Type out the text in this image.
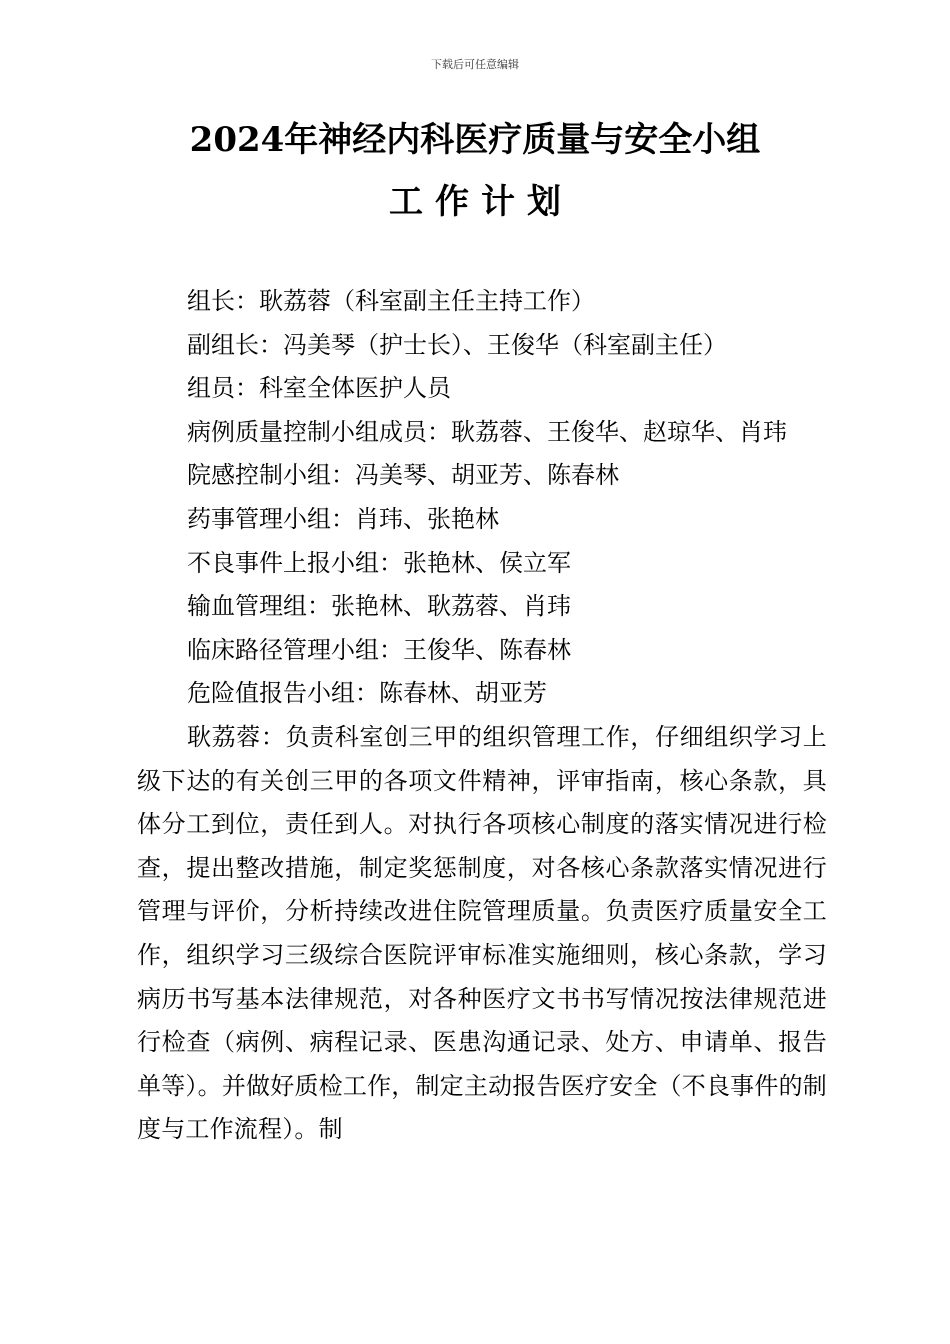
下载后可任意编辑
2024年神经内科医疗质量与安全小组
工作计划

组长：耿荔蓉（科室副主任主持工作）

副组长：冯美琴（护士长）、王俊华（科室副主任）

组员：科室全体医护人员

病例质量控制小组成员：耿荔蓉、王俊华、赵琼华、肖玮

院感控制小组：冯美琴、胡亚芳、陈春林

药事管理小组：肖玮、张艳林

不良事件上报小组：张艳林、侯立军

输血管理组：张艳林、耿荔蓉、肖玮

临床路径管理小组：王俊华、陈春林

危险值报告小组：陈春林、胡亚芳

耿荔蓉：负责科室创三甲的组织管理工作，仔细组织学习上级下达的有关创三甲的各项文件精神，评审指南，核心条款，具体分工到位，责任到人。对执行各项核心制度的落实情况进行检查，提出整改措施，制定奖惩制度，对各核心条款落实情况进行管理与评价，分析持续改进住院管理质量。负责医疗质量安全工作，组织学习三级综合医院评审标准实施细则，核心条款，学习病历书写基本法律规范，对各种医疗文书书写情况按法律规范进行检查（病例、病程记录、医患沟通记录、处方、申请单、报告单等）。并做好质检工作，制定主动报告医疗安全（不良事件的制度与工作流程）。制
